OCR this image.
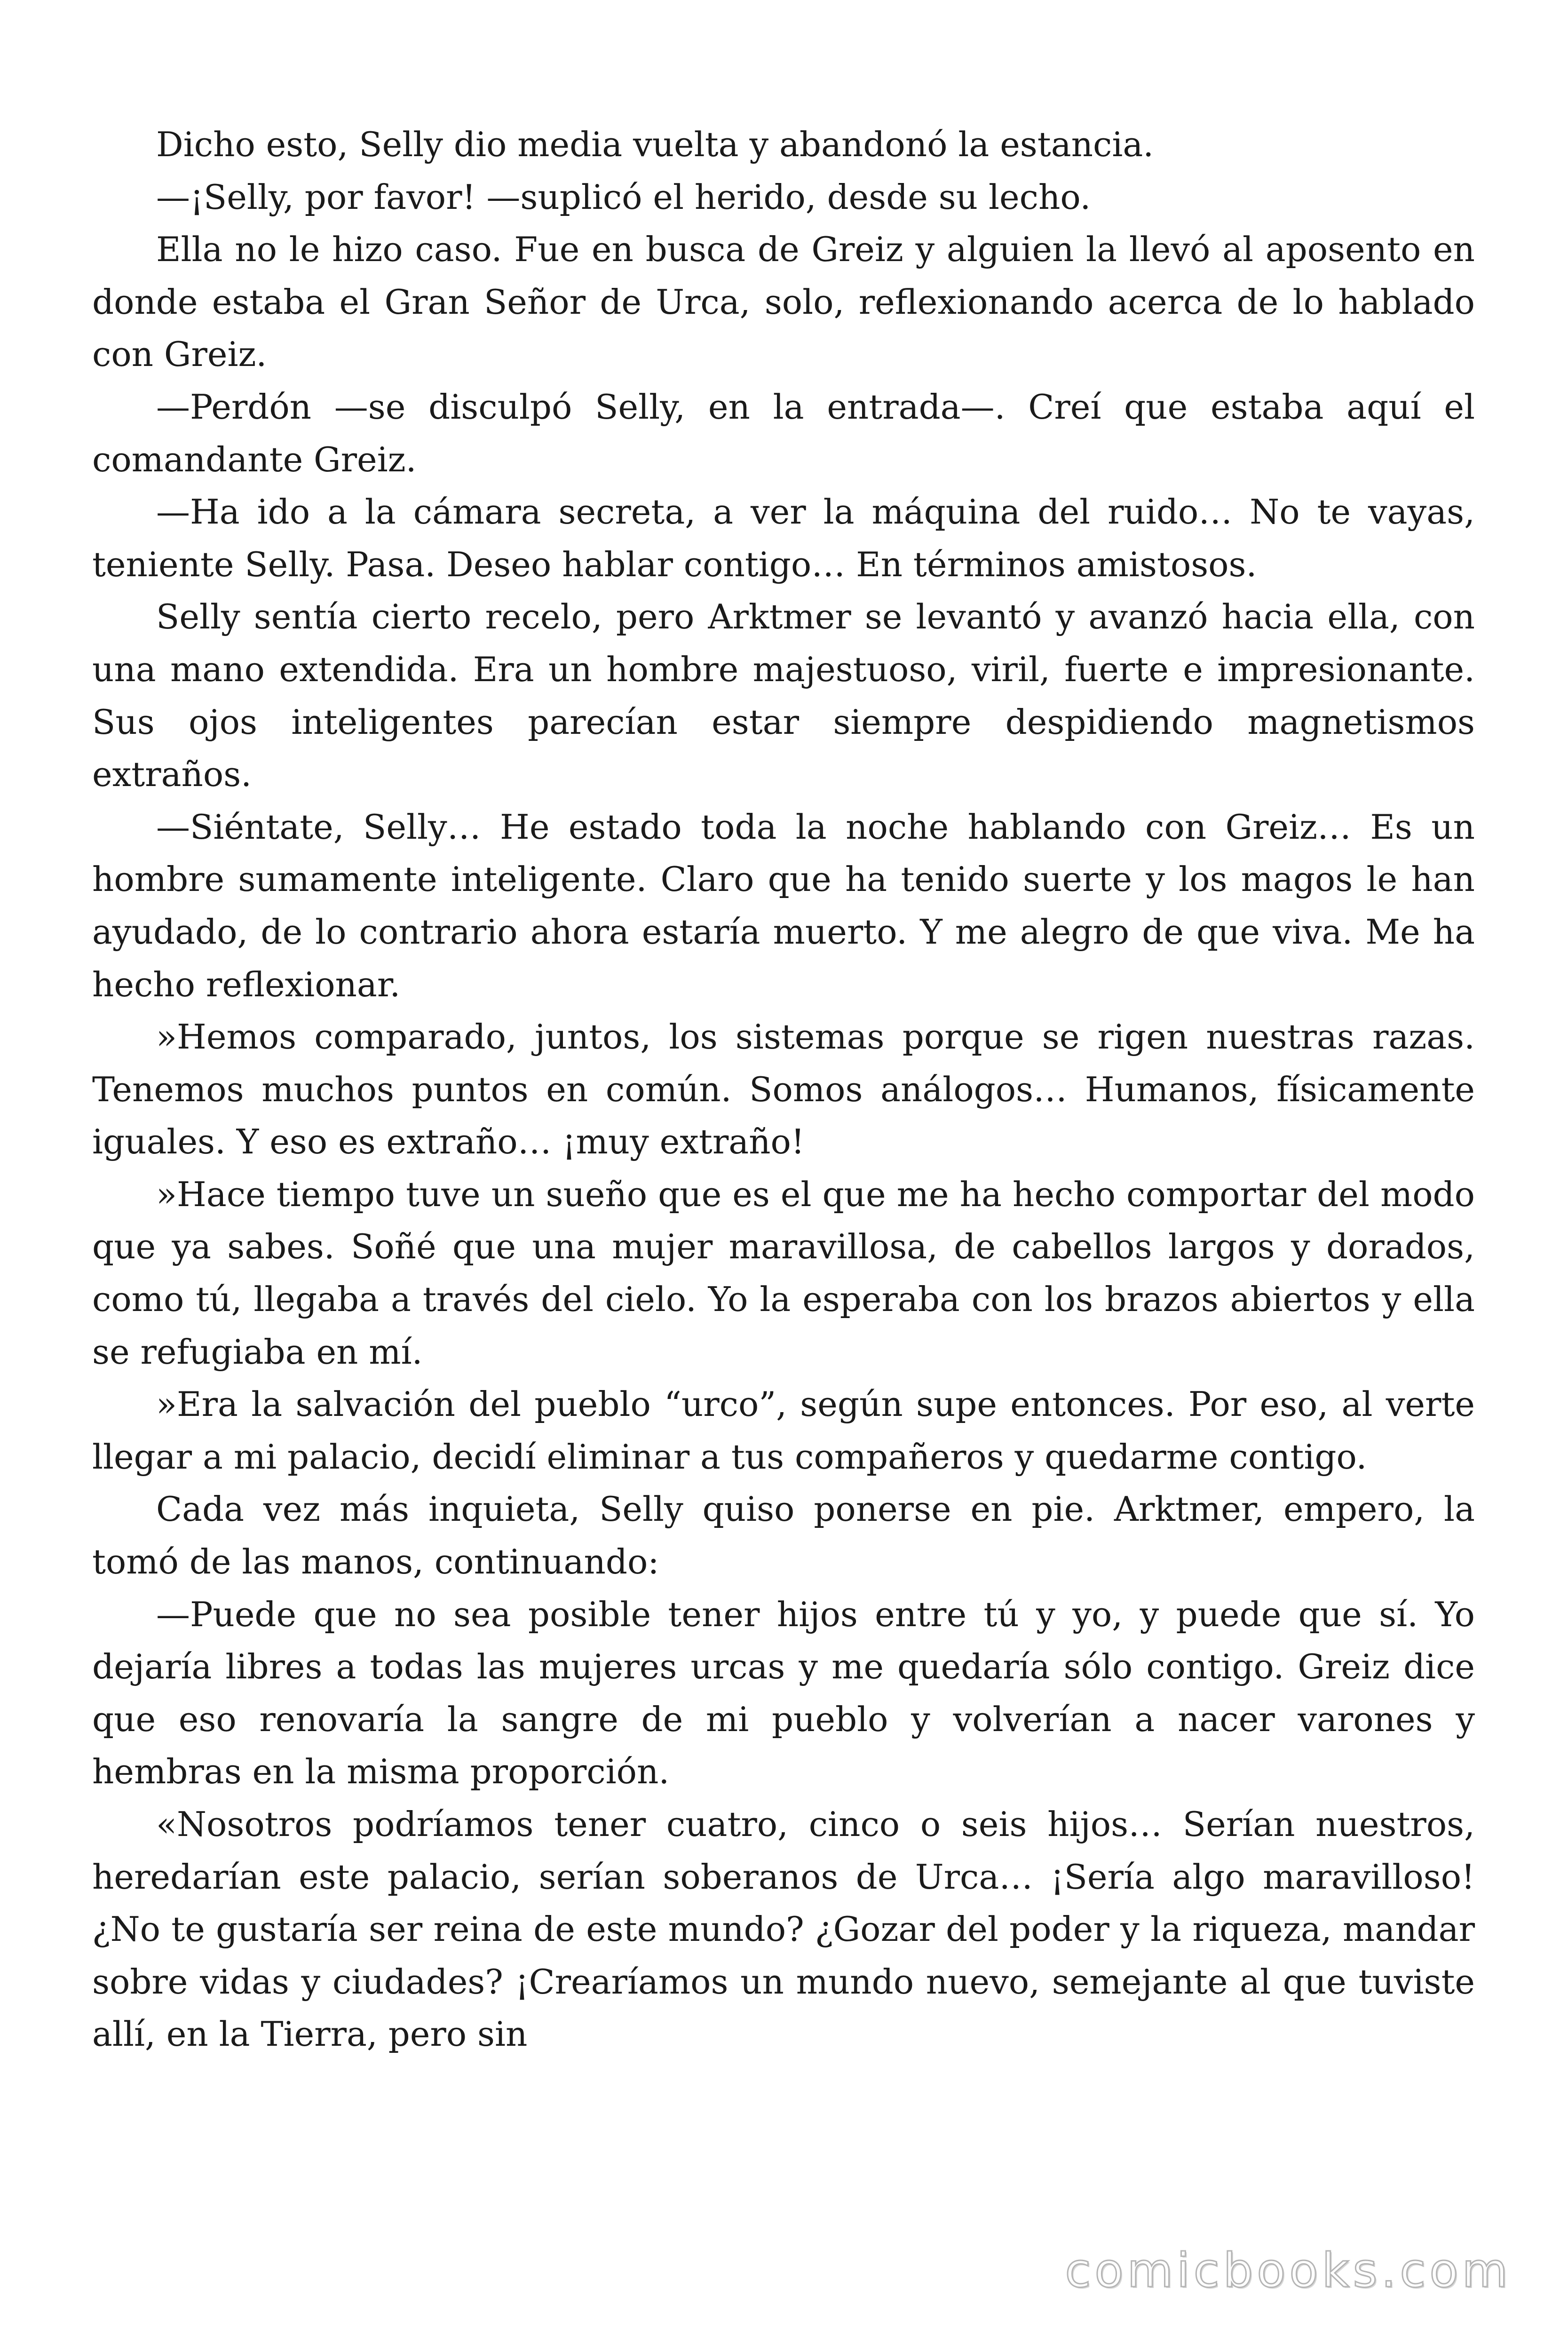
Dicho esto, Selly dio media vuelta y abandonó la estancia.

—¡Selly, por favor! —suplicó el herido, desde su lecho.

Ella no le hizo caso. Fue en busca de Greiz y alguien la llevó al aposento en donde estaba el Gran Señor de Urca, solo, reflexionando acerca de lo hablado con Greiz.

—Perdón —se disculpó Selly, en la entrada—. Creí que estaba aquí el comandante Greiz.

—Ha ido a la cámara secreta, a ver la máquina del ruido… No te vayas, teniente Selly. Pasa. Deseo hablar contigo… En términos amistosos.

Selly sentía cierto recelo, pero Arktmer se levantó y avanzó hacia ella, con una mano extendida. Era un hombre majestuoso, viril, fuerte e impresionante. Sus ojos inteligentes parecían estar siempre despidiendo magnetismos extraños.

—Siéntate, Selly… He estado toda la noche hablando con Greiz… Es un hombre sumamente inteligente. Claro que ha tenido suerte y los magos le han ayudado, de lo contrario ahora estaría muerto. Y me alegro de que viva. Me ha hecho reflexionar.

»Hemos comparado, juntos, los sistemas porque se rigen nuestras razas. Tenemos muchos puntos en común. Somos análogos… Humanos, físicamente iguales. Y eso es extraño… ¡muy extraño!

»Hace tiempo tuve un sueño que es el que me ha hecho comportar del modo que ya sabes. Soñé que una mujer maravillosa, de cabellos largos y dorados, como tú, llegaba a través del cielo. Yo la esperaba con los brazos abiertos y ella se refugiaba en mí.

»Era la salvación del pueblo “urco”, según supe entonces. Por eso, al verte llegar a mi palacio, decidí eliminar a tus compañeros y quedarme contigo.

Cada vez más inquieta, Selly quiso ponerse en pie. Arktmer, empero, la tomó de las manos, continuando:

—Puede que no sea posible tener hijos entre tú y yo, y puede que sí. Yo dejaría libres a todas las mujeres urcas y me quedaría sólo contigo. Greiz dice que eso renovaría la sangre de mi pueblo y volverían a nacer varones y hembras en la misma proporción.

«Nosotros podríamos tener cuatro, cinco o seis hijos… Serían nuestros, heredarían este palacio, serían soberanos de Urca… ¡Sería algo maravilloso! ¿No te gustaría ser reina de este mundo? ¿Gozar del poder y la riqueza, mandar sobre vidas y ciudades? ¡Crearíamos un mundo nuevo, semejante al que tuviste allí, en la Tierra, pero sin

comicbooks.com
